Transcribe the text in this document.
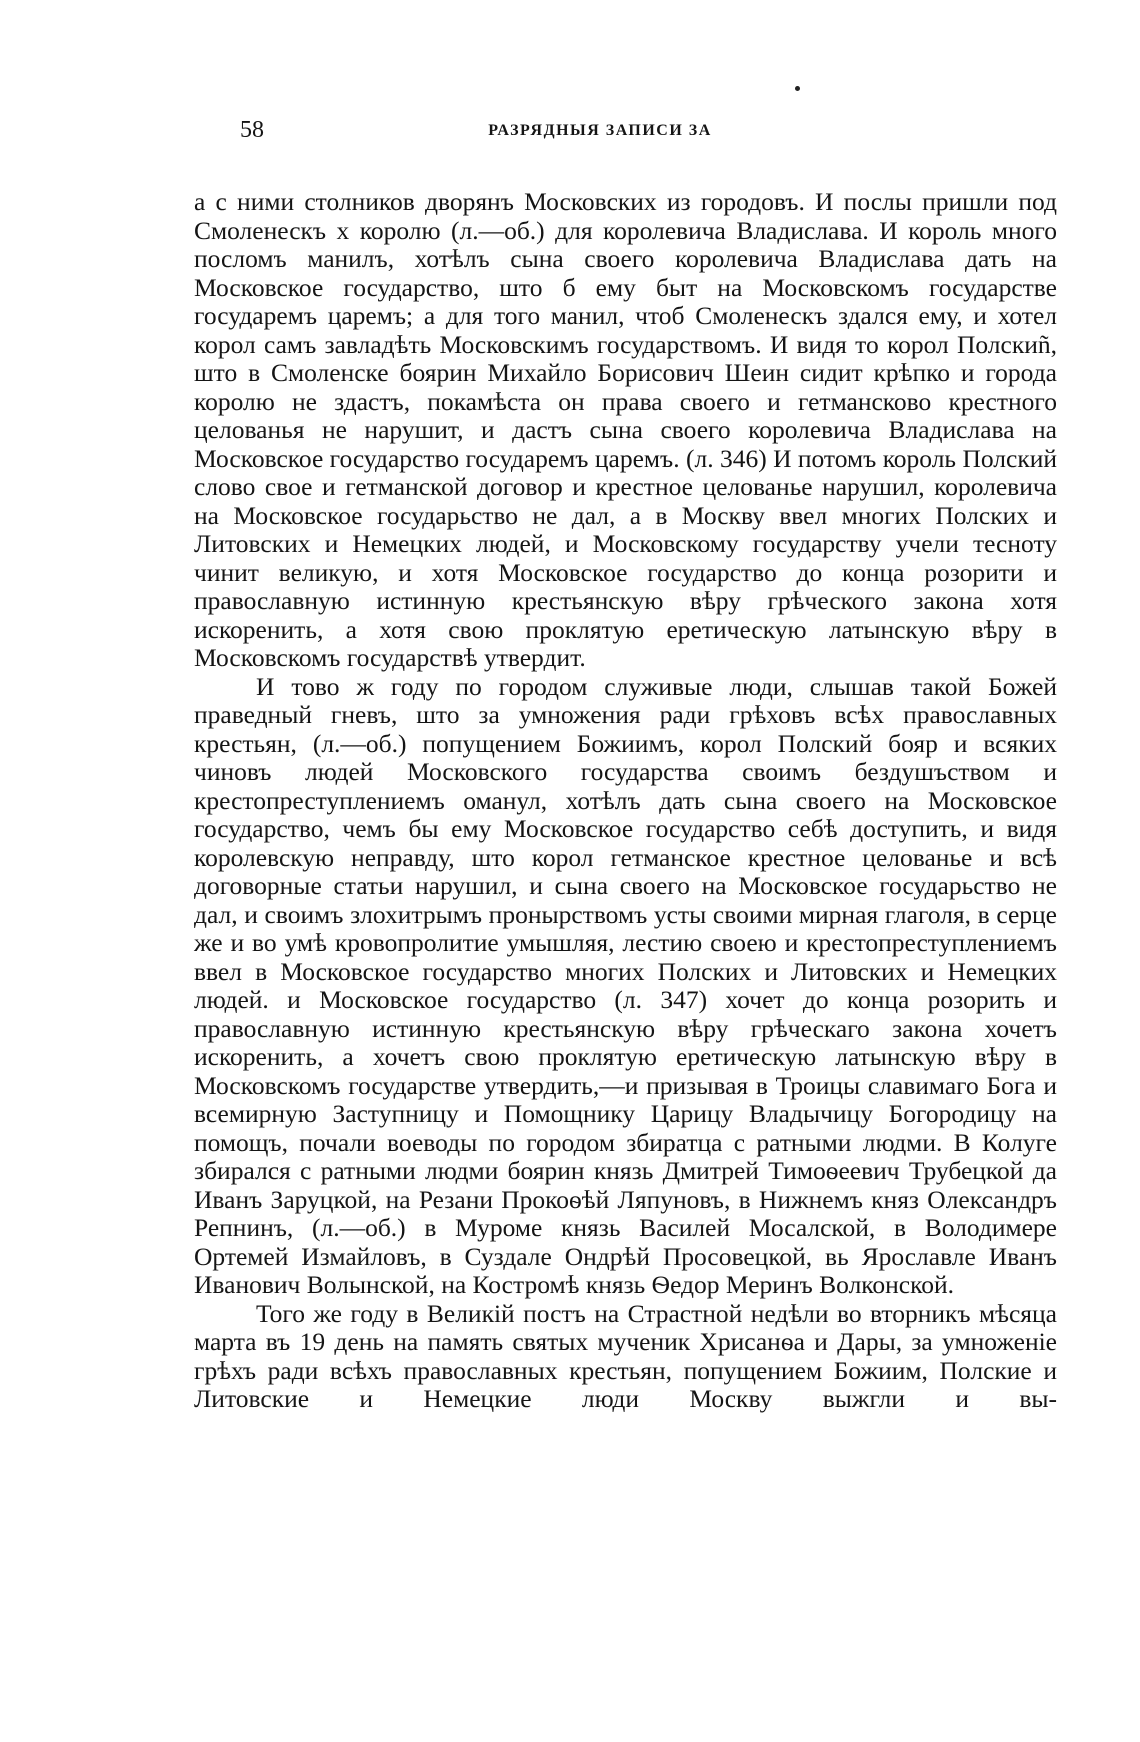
58	РАЗРЯДНЫЯ ЗАПИСИ ЗА

а с ними столников дворянъ Московских из городовъ. И послы пришли под Смоленескъ х королю (л.—об.) для королевича Владислава. И король много посломъ манилъ, хотѣлъ сына своего королевича Владислава дать на Московское государство, што б ему быт на Московскомъ государстве государемъ царемъ; а для того манил, чтоб Смоленескъ здался ему, и хотел корол самъ завладѣть Московскимъ государствомъ. И видя то корол Полскиñ, што в Смоленске боярин Михайло Борисович Шеин сидит крѣпко и города королю не здастъ, покамѣста он права своего и гетмансково крестного целованья не нарушит, и дастъ сына своего королевича Владислава на Московское государство государемъ царемъ. (л. 346) И потомъ король Полский слово свое и гетманской договор и крестное целованье нарушил, королевича на Московское государьство не дал, а в Москву ввел многих Полских и Литовских и Немецких людей, и Московскому государству учели тесноту чинит великую, и хотя Московское государство до конца розорити и православную истинную крестьянскую вѣру грѣческого закона хотя искоренить, а хотя свою проклятую еретическую латынскую вѣру в Московскомъ государствѣ утвердит.

И тово ж году по городом служивые люди, слышав такой Божей праведный гневъ, што за умножения ради грѣховъ всѣх православных крестьян, (л.—об.) попущением Божиимъ, корол Полский бояр и всяких чиновъ людей Московского государства своимъ бездушъством и крестопреступлениемъ оманул, хотѣлъ дать сына своего на Московское государство, чемъ бы ему Московское государство себѣ доступить, и видя королевскую неправду, што корол гетманское крестное целованье и всѣ договорные статьи нарушил, и сына своего на Московское государьство не дал, и своимъ злохитрымъ пронырствомъ усты своими мирная глаголя, в серце же и во умѣ кровопролитие умышляя, лестию своею и крестопреступлениемъ ввел в Московское государство многих Полских и Литовских и Немецких людей. и Московское государство (л. 347) хочет до конца розорить и православную истинную крестьянскую вѣру грѣческаго закона хочетъ искоренить, а хочетъ свою проклятую еретическую латынскую вѣру в Московскомъ государстве утвердить,—и призывая в Троицы славимаго Бога и всемирную Заступницу и Помощнику Царицу Владычицу Богородицу на помощъ, почали воеводы по городом збиратца с ратными людми. В Колуге збирался с ратными людми боярин князь Дмитрей Тимоѳеевич Трубецкой да Иванъ Заруцкой, на Резани Прокоѳѣй Ляпуновъ, в Нижнемъ княз Олександръ Репнинъ, (л.—об.) в Муроме князь Василей Мосалской, в Володимере Ортемей Измайловъ, в Суздале Ондрѣй Просовецкой, вь Ярославле Иванъ Иванович Волынской, на Костромѣ князь Ѳедор Меринъ Волконской.

Того же году в Великій постъ на Страстной недѣли во вторникъ мѣсяца марта въ 19 день на память святых мученик Хрисанѳа и Дары, за умноженіе грѣхъ ради всѣхъ православных крестьян, попущением Божиим, Полские и Литовские и Немецкие люди Москву выжгли и вы-
